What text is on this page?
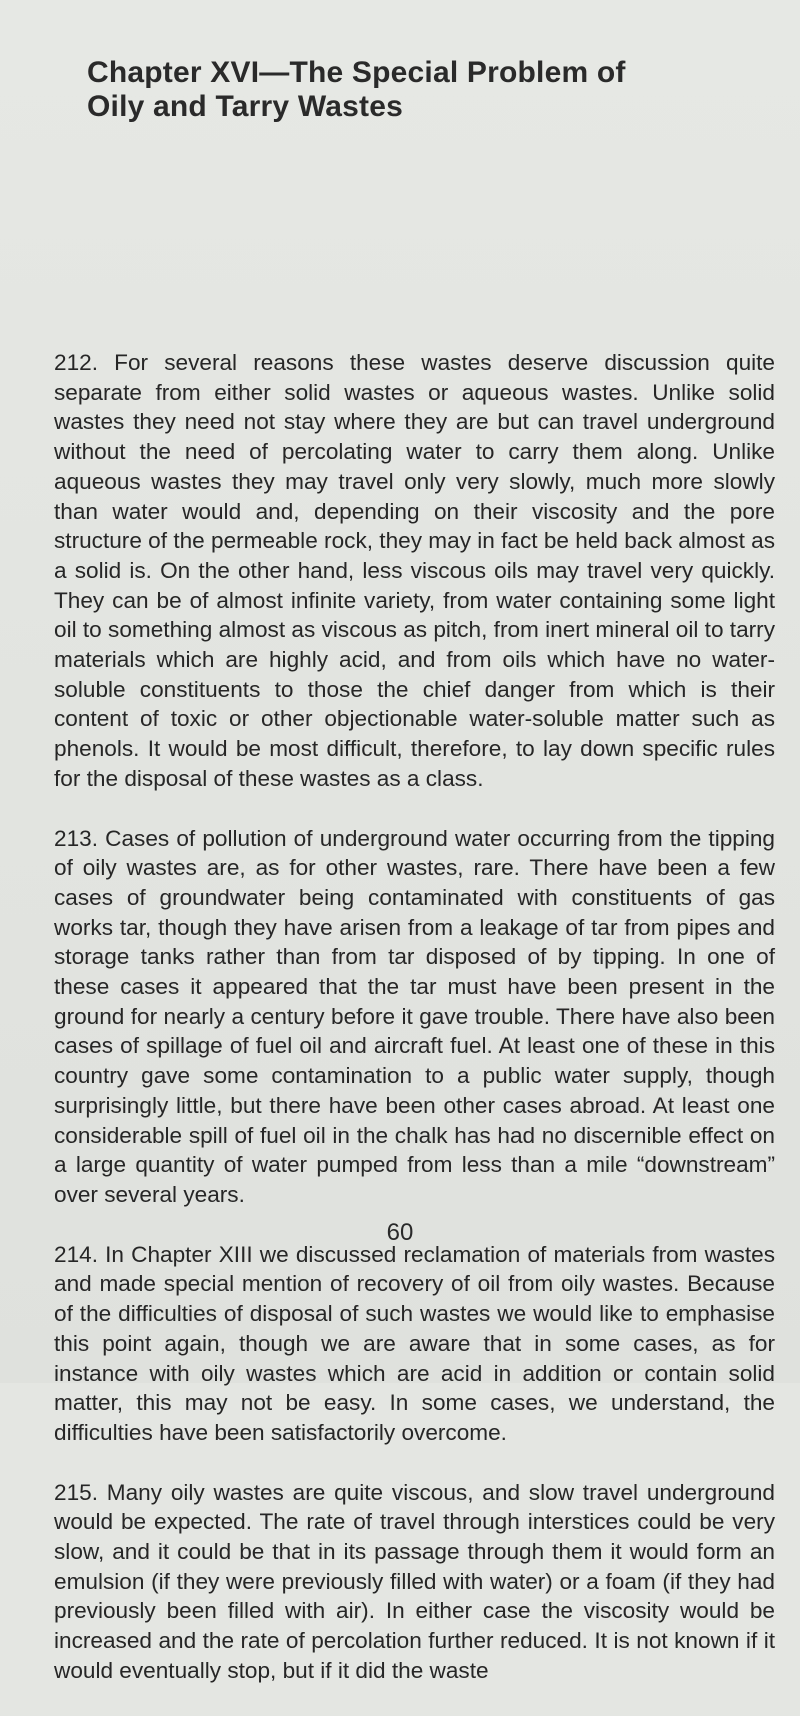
Chapter XVI—The Special Problem of
Oily and Tarry Wastes

212. For several reasons these wastes deserve discussion quite separate from either solid wastes or aqueous wastes. Unlike solid wastes they need not stay where they are but can travel underground without the need of percolating water to carry them along. Unlike aqueous wastes they may travel only very slowly, much more slowly than water would and, depending on their viscosity and the pore structure of the permeable rock, they may in fact be held back almost as a solid is. On the other hand, less viscous oils may travel very quickly. They can be of almost infinite variety, from water containing some light oil to something almost as viscous as pitch, from inert mineral oil to tarry materials which are highly acid, and from oils which have no water-soluble constituents to those the chief danger from which is their content of toxic or other objectionable water-soluble matter such as phenols. It would be most difficult, therefore, to lay down specific rules for the disposal of these wastes as a class.

213. Cases of pollution of underground water occurring from the tipping of oily wastes are, as for other wastes, rare. There have been a few cases of groundwater being contaminated with constituents of gas works tar, though they have arisen from a leakage of tar from pipes and storage tanks rather than from tar disposed of by tipping. In one of these cases it appeared that the tar must have been present in the ground for nearly a century before it gave trouble. There have also been cases of spillage of fuel oil and aircraft fuel. At least one of these in this country gave some contamination to a public water supply, though surprisingly little, but there have been other cases abroad. At least one considerable spill of fuel oil in the chalk has had no discernible effect on a large quantity of water pumped from less than a mile “downstream” over several years.

214. In Chapter XIII we discussed reclamation of materials from wastes and made special mention of recovery of oil from oily wastes. Because of the difficulties of disposal of such wastes we would like to emphasise this point again, though we are aware that in some cases, as for instance with oily wastes which are acid in addition or contain solid matter, this may not be easy. In some cases, we understand, the difficulties have been satisfactorily overcome.

215. Many oily wastes are quite viscous, and slow travel underground would be expected. The rate of travel through interstices could be very slow, and it could be that in its passage through them it would form an emulsion (if they were previously filled with water) or a foam (if they had previously been filled with air). In either case the viscosity would be increased and the rate of percolation further reduced. It is not known if it would eventually stop, but if it did the waste

60
